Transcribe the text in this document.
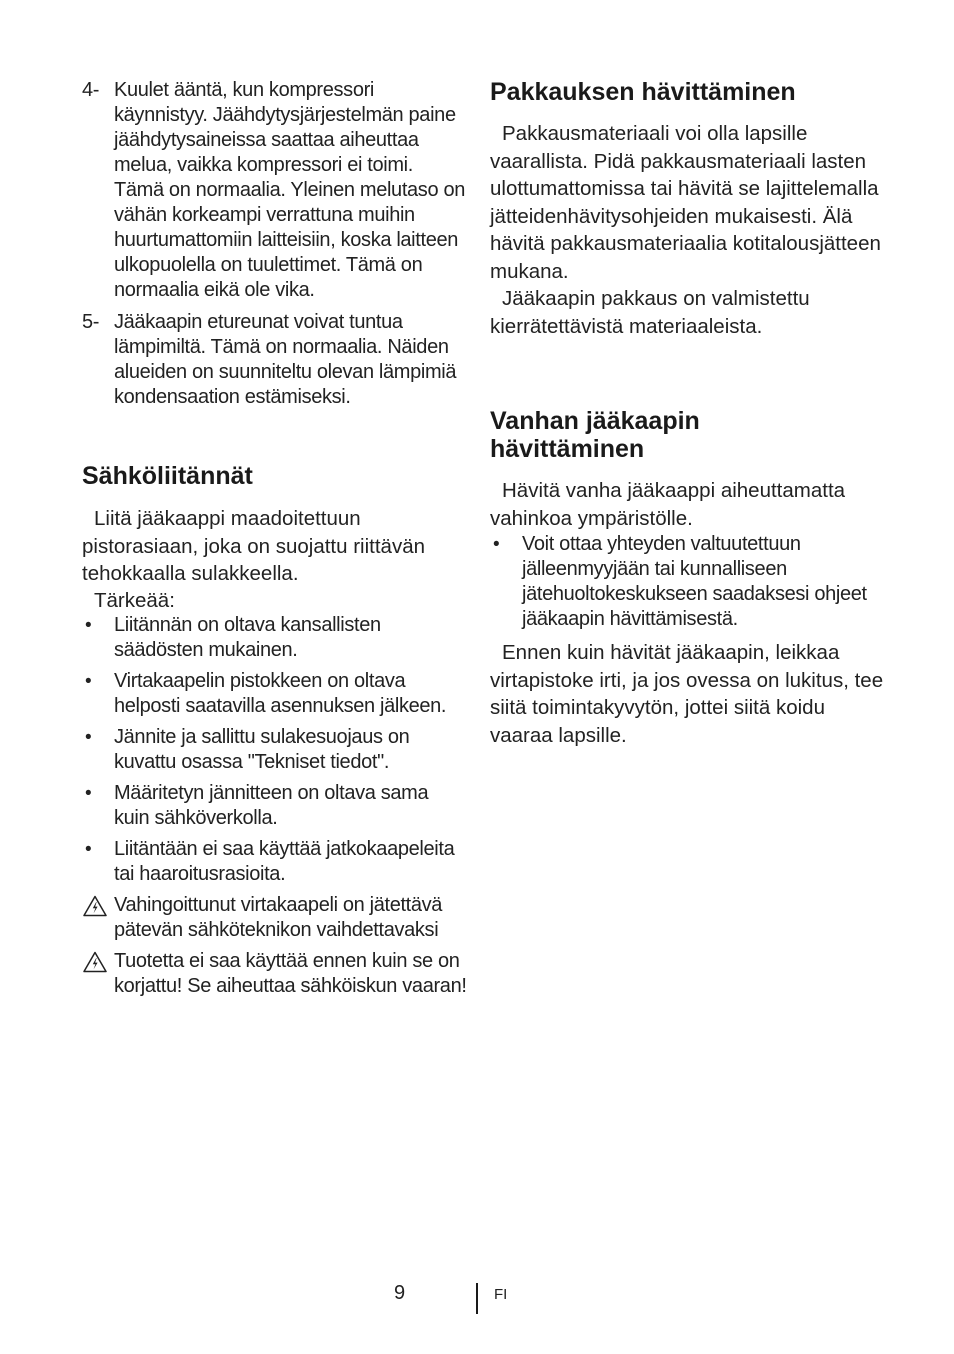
4- Kuulet ääntä, kun kompressori käynnistyy. Jäähdytysjärjestelmän paine jäähdytysaineissa saattaa aiheuttaa melua, vaikka kompressori ei toimi. Tämä on normaalia. Yleinen melutaso on vähän korkeampi verrattuna muihin huurtumattomiin laitteisiin, koska laitteen ulkopuolella on tuulettimet. Tämä on normaalia eikä ole vika.
5- Jääkaapin etureunat voivat tuntua lämpimiltä. Tämä on normaalia. Näiden alueiden on suunniteltu olevan lämpimiä kondensaation estämiseksi.
Sähköliitännät

Liitä jääkaappi maadoitettuun pistorasiaan, joka on suojattu riittävän tehokkaalla sulakkeella.

Tärkeää:

• Liitännän on oltava kansallisten säädösten mukainen.
• Virtakaapelin pistokkeen on oltava helposti saatavilla asennuksen jälkeen.
• Jännite ja sallittu sulakesuojaus on kuvattu osassa "Tekniset tiedot".
• Määritetyn jännitteen on oltava sama kuin sähköverkolla.
• Liitäntään ei saa käyttää jatkokaapeleita tai haaroitusrasioita.
Vahingoittunut virtakaapeli on jätettävä pätevän sähköteknikon vaihdettavaksi
Tuotetta ei saa käyttää ennen kuin se on korjattu! Se aiheuttaa sähköiskun vaaran!
Pakkauksen hävittäminen

Pakkausmateriaali voi olla lapsille vaarallista. Pidä pakkausmateriaali lasten ulottumattomissa tai hävitä se lajittelemalla jätteidenhävitysohjeiden mukaisesti. Älä hävitä pakkausmateriaalia kotitalousjätteen mukana.

Jääkaapin pakkaus on valmistettu kierrätettävistä materiaaleista.

Vanhan jääkaapin hävittäminen

Hävitä vanha jääkaappi aiheuttamatta vahinkoa ympäristölle.

• Voit ottaa yhteyden valtuutettuun jälleenmyyjään tai kunnalliseen jätehuoltokeskukseen saadaksesi ohjeet jääkaapin hävittämisestä.

Ennen kuin hävität jääkaapin, leikkaa virtapistoke irti, ja jos ovessa on lukitus, tee siitä toimintakyvytön, jottei siitä koidu vaaraa lapsille.

9	FI
